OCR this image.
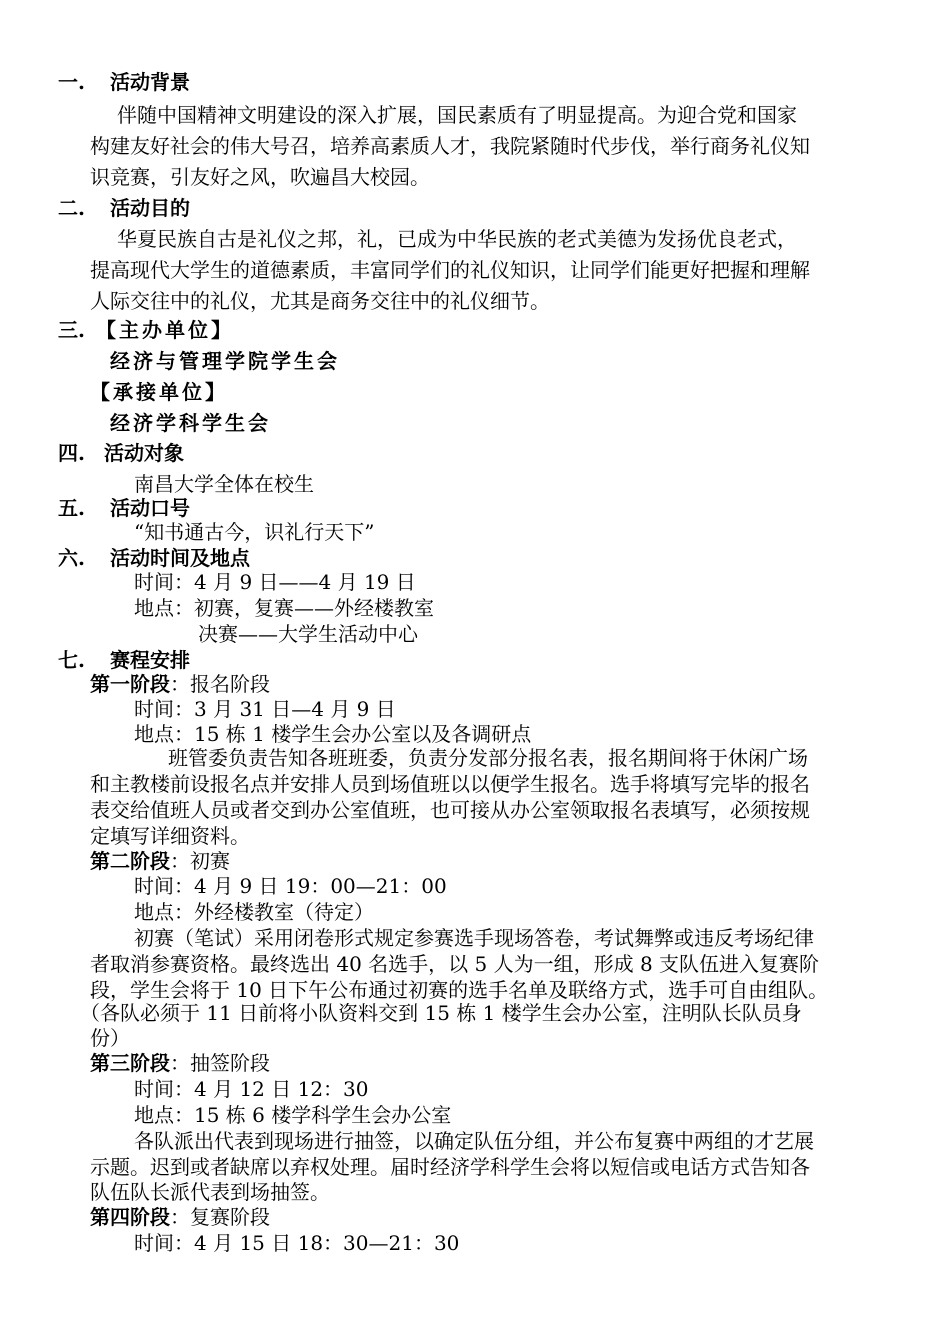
一. 活动背景
伴随中国精神文明建设的深入扩展，国民素质有了明显提高。为迎合党和国家
构建友好社会的伟大号召，培养高素质人才，我院紧随时代步伐，举行商务礼仪知
识竞赛，引友好之风，吹遍昌大校园。
二. 活动目的
华夏民族自古是礼仪之邦，礼，已成为中华民族的老式美德为发扬优良老式，
提高现代大学生的道德素质，丰富同学们的礼仪知识，让同学们能更好把握和理解
人际交往中的礼仪，尤其是商务交往中的礼仪细节。
三. 【主办单位】
经济与管理学院学生会
【承接单位】
经济学科学生会
四. 活动对象
南昌大学全体在校生
五. 活动口号
“知书通古今，识礼行天下”
六. 活动时间及地点
时间：4 月 9 日——4 月 19 日
地点：初赛，复赛——外经楼教室
决赛——大学生活动中心
七. 赛程安排
第一阶段：报名阶段
时间：3 月 31 日—4 月 9 日
地点：15 栋 1 楼学生会办公室以及各调研点
班管委负责告知各班班委，负责分发部分报名表，报名期间将于休闲广场
和主教楼前设报名点并安排人员到场值班以以便学生报名。选手将填写完毕的报名
表交给值班人员或者交到办公室值班，也可接从办公室领取报名表填写，必须按规
定填写详细资料。
第二阶段：初赛
时间：4 月 9 日 19：00—21：00
地点：外经楼教室（待定）
初赛（笔试）采用闭卷形式规定参赛选手现场答卷，考试舞弊或违反考场纪律
者取消参赛资格。最终选出 40 名选手，以 5 人为一组，形成 8 支队伍进入复赛阶
段，学生会将于 10 日下午公布通过初赛的选手名单及联络方式，选手可自由组队。
（各队必须于 11 日前将小队资料交到 15 栋 1 楼学生会办公室，注明队长队员身
份）
第三阶段：抽签阶段
时间：4 月 12 日 12：30
地点：15 栋 6 楼学科学生会办公室
各队派出代表到现场进行抽签，以确定队伍分组，并公布复赛中两组的才艺展
示题。迟到或者缺席以弃权处理。届时经济学科学生会将以短信或电话方式告知各
队伍队长派代表到场抽签。
第四阶段：复赛阶段
时间：4 月 15 日 18：30—21：30
